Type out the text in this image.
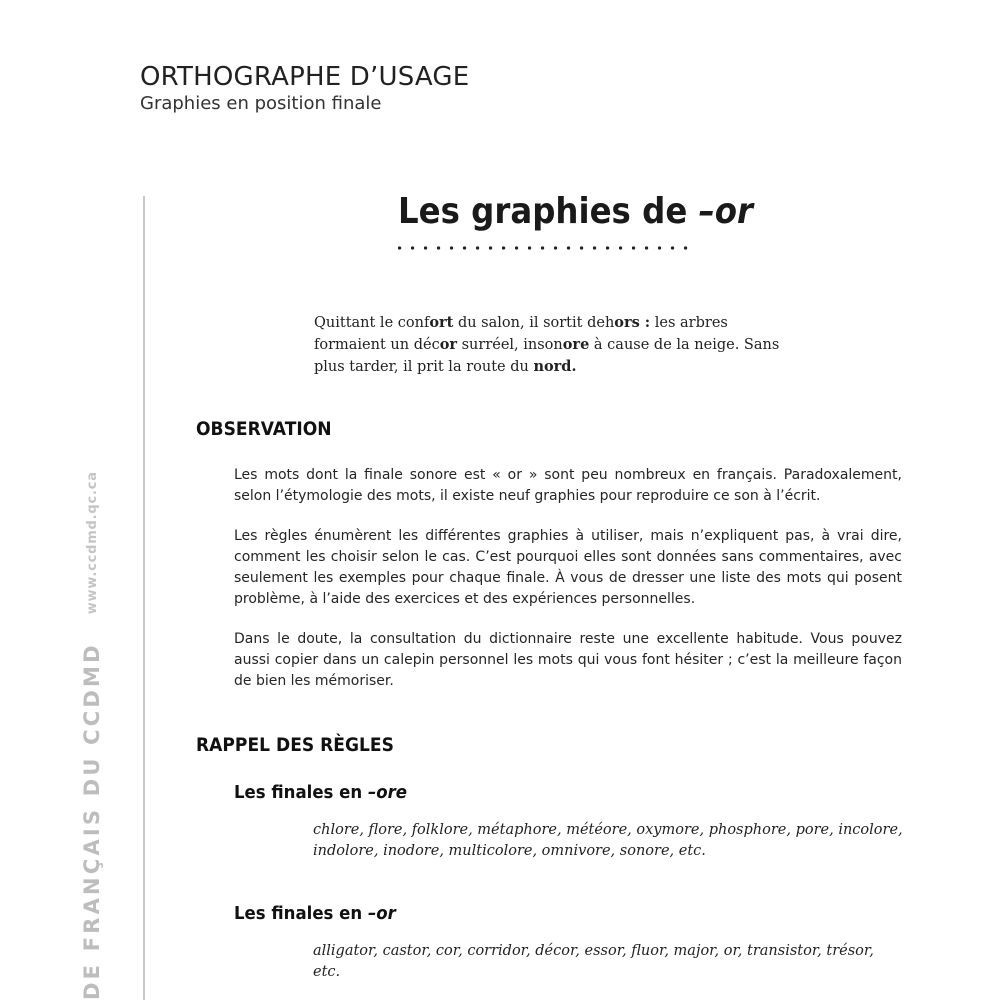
ORTHOGRAPHE D’USAGE
Graphies en position finale
DE FRANÇAIS DU CCDMD
www.ccdmd.qc.ca
Les graphies de –or
Quittant le confort du salon, il sortit dehors : les arbres formaient un décor surréel, insonore à cause de la neige. Sans plus tarder, il prit la route du nord.
OBSERVATION
Les mots dont la finale sonore est « or » sont peu nombreux en français. Paradoxalement, selon l’étymologie des mots, il existe neuf graphies pour reproduire ce son à l’écrit.
Les règles énumèrent les différentes graphies à utiliser, mais n’expliquent pas, à vrai dire, comment les choisir selon le cas. C’est pourquoi elles sont données sans commentaires, avec seulement les exemples pour chaque finale. À vous de dresser une liste des mots qui posent problème, à l’aide des exercices et des expériences personnelles.
Dans le doute, la consultation du dictionnaire reste une excellente habitude. Vous pouvez aussi copier dans un calepin personnel les mots qui vous font hésiter ; c’est la meilleure façon de bien les mémoriser.
RAPPEL DES RÈGLES
Les finales en –ore
chlore, flore, folklore, métaphore, météore, oxymore, phosphore, pore, incolore, indolore, inodore, multicolore, omnivore, sonore, etc.
Les finales en –or
alligator, castor, cor, corridor, décor, essor, fluor, major, or, transistor, trésor, etc.
